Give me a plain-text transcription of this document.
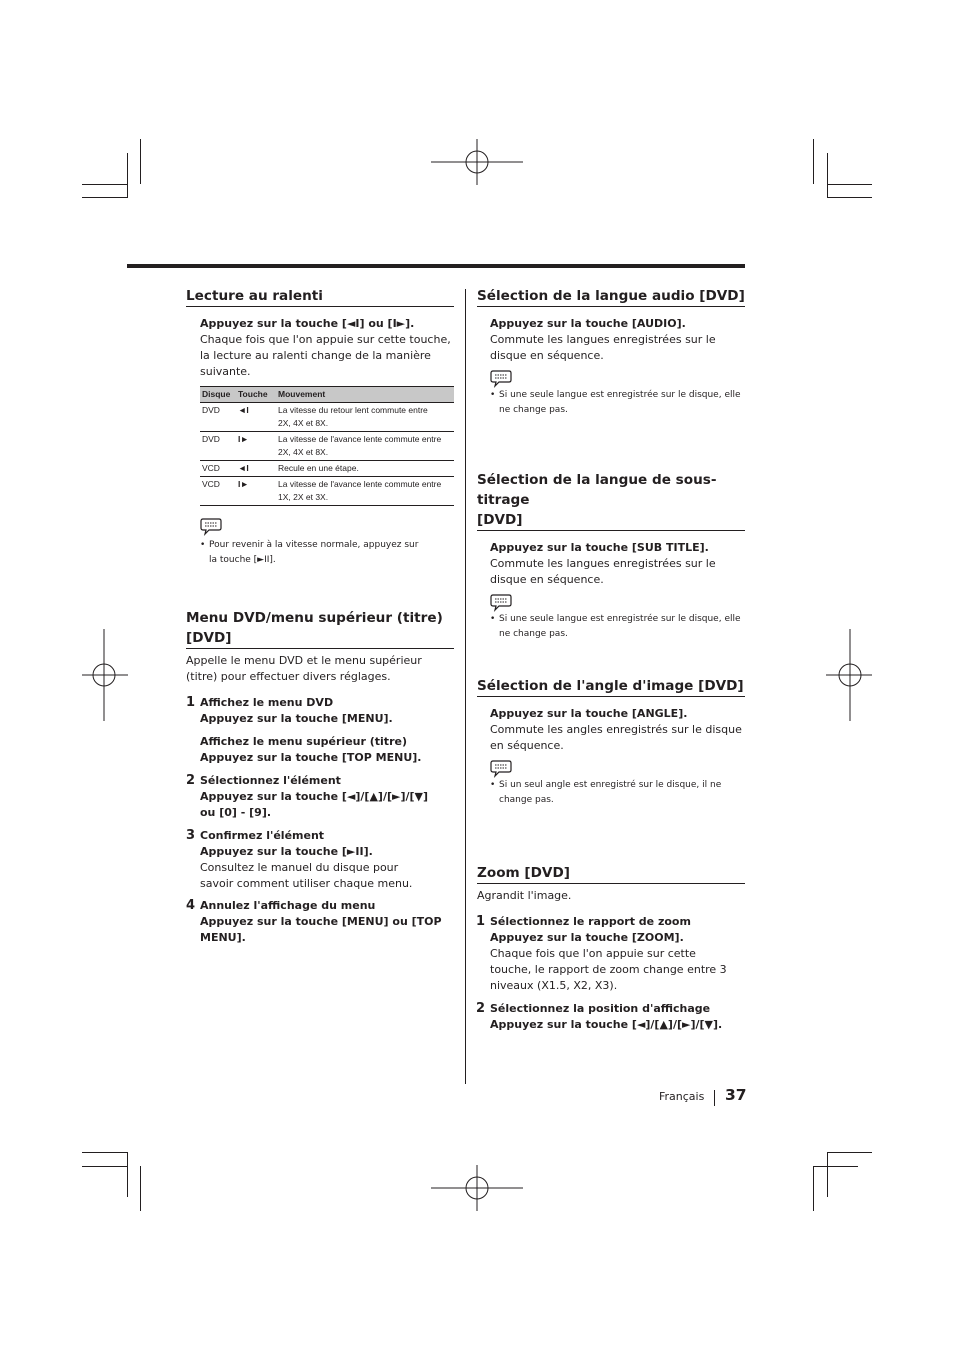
Lecture au ralenti
Appuyez sur la touche [◄I] ou [I►].
Chaque fois que l'on appuie sur cette touche, la lecture au ralenti change de la manière suivante.
Disque	Touche	Mouvement
DVD	◄I	La vitesse du retour lent commute entre
2X, 4X et 8X.
DVD	I►	La vitesse de l'avance lente commute entre
2X, 4X et 8X.
VCD	◄I	Recule en une étape.
VCD	I►	La vitesse de l'avance lente commute entre
1X, 2X et 3X.
• Pour revenir à la vitesse normale, appuyez sur la touche [►II].
Menu DVD/menu supérieur (titre)
[DVD]
Appelle le menu DVD et le menu supérieur (titre) pour effectuer divers réglages.
1 Affichez le menu DVD
Appuyez sur la touche [MENU].
Affichez le menu supérieur (titre)
Appuyez sur la touche [TOP MENU].
2 Sélectionnez l'élément
Appuyez sur la touche [◄]/[▲]/[►]/[▼]
ou [0] - [9].
3 Confirmez l'élément
Appuyez sur la touche [►II].
Consultez le manuel du disque pour savoir comment utiliser chaque menu.
4 Annulez l'affichage du menu
Appuyez sur la touche [MENU] ou [TOP
MENU].
Sélection de la langue audio [DVD]
Appuyez sur la touche [AUDIO].
Commute les langues enregistrées sur le disque en séquence.
• Si une seule langue est enregistrée sur le disque, elle ne change pas.
Sélection de la langue de sous-titrage
[DVD]
Appuyez sur la touche [SUB TITLE].
Commute les langues enregistrées sur le disque en séquence.
• Si une seule langue est enregistrée sur le disque, elle ne change pas.
Sélection de l'angle d'image [DVD]
Appuyez sur la touche [ANGLE].
Commute les angles enregistrés sur le disque en séquence.
• Si un seul angle est enregistré sur le disque, il ne change pas.
Zoom [DVD]
Agrandit l'image.
1 Sélectionnez le rapport de zoom
Appuyez sur la touche [ZOOM].
Chaque fois que l'on appuie sur cette touche, le rapport de zoom change entre 3 niveaux (X1.5, X2, X3).
2 Sélectionnez la position d'affichage
Appuyez sur la touche [◄]/[▲]/[►]/[▼].
Français 37
